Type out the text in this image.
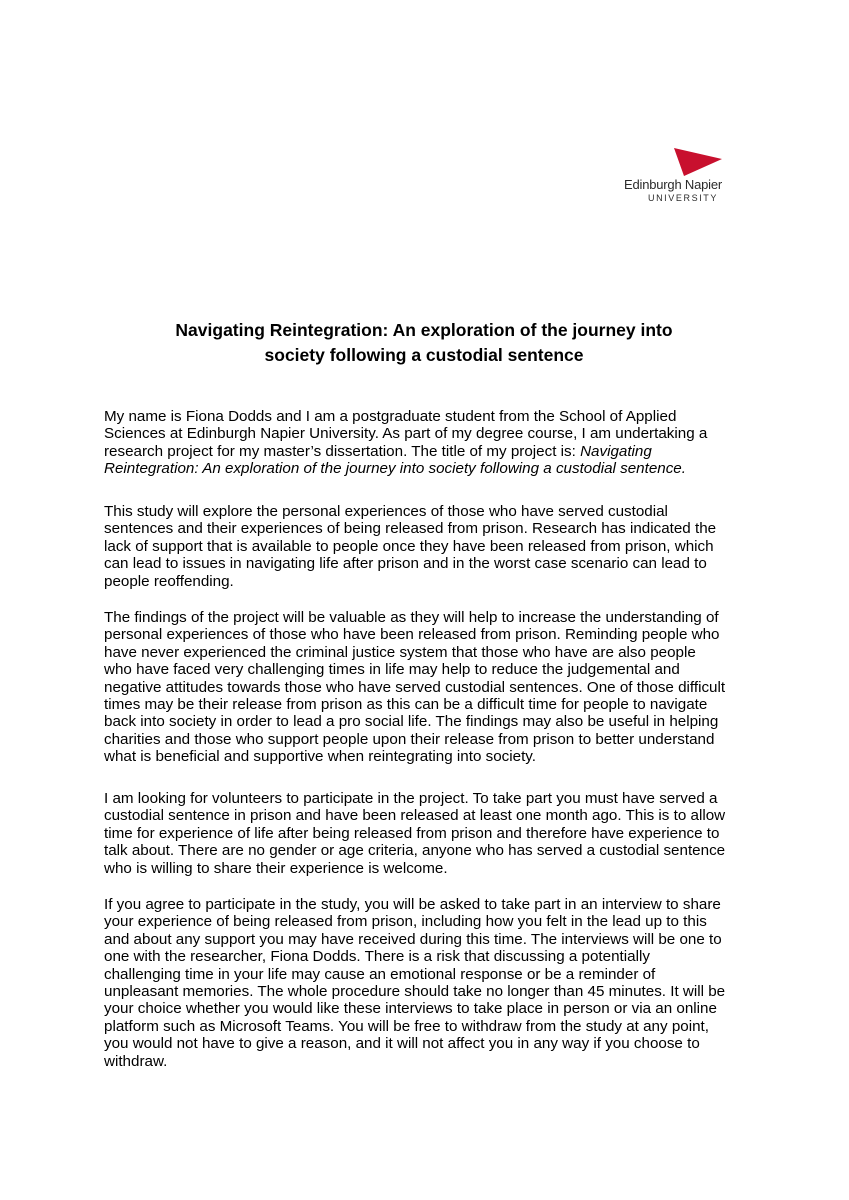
Edinburgh Napier
UNIVERSITY
Navigating Reintegration: An exploration of the journey into
society following a custodial sentence
My name is Fiona Dodds and I am a postgraduate student from the School of Applied
Sciences at Edinburgh Napier University. As part of my degree course, I am undertaking a
research project for my master’s dissertation. The title of my project is: Navigating
Reintegration: An exploration of the journey into society following a custodial sentence.
This study will explore the personal experiences of those who have served custodial
sentences and their experiences of being released from prison. Research has indicated the
lack of support that is available to people once they have been released from prison, which
can lead to issues in navigating life after prison and in the worst case scenario can lead to
people reoffending.
The findings of the project will be valuable as they will help to increase the understanding of
personal experiences of those who have been released from prison. Reminding people who
have never experienced the criminal justice system that those who have are also people
who have faced very challenging times in life may help to reduce the judgemental and
negative attitudes towards those who have served custodial sentences. One of those difficult
times may be their release from prison as this can be a difficult time for people to navigate
back into society in order to lead a pro social life. The findings may also be useful in helping
charities and those who support people upon their release from prison to better understand
what is beneficial and supportive when reintegrating into society.
I am looking for volunteers to participate in the project. To take part you must have served a
custodial sentence in prison and have been released at least one month ago. This is to allow
time for experience of life after being released from prison and therefore have experience to
talk about. There are no gender or age criteria, anyone who has served a custodial sentence
who is willing to share their experience is welcome.
If you agree to participate in the study, you will be asked to take part in an interview to share
your experience of being released from prison, including how you felt in the lead up to this
and about any support you may have received during this time. The interviews will be one to
one with the researcher, Fiona Dodds. There is a risk that discussing a potentially
challenging time in your life may cause an emotional response or be a reminder of
unpleasant memories. The whole procedure should take no longer than 45 minutes. It will be
your choice whether you would like these interviews to take place in person or via an online
platform such as Microsoft Teams. You will be free to withdraw from the study at any point,
you would not have to give a reason, and it will not affect you in any way if you choose to
withdraw.
